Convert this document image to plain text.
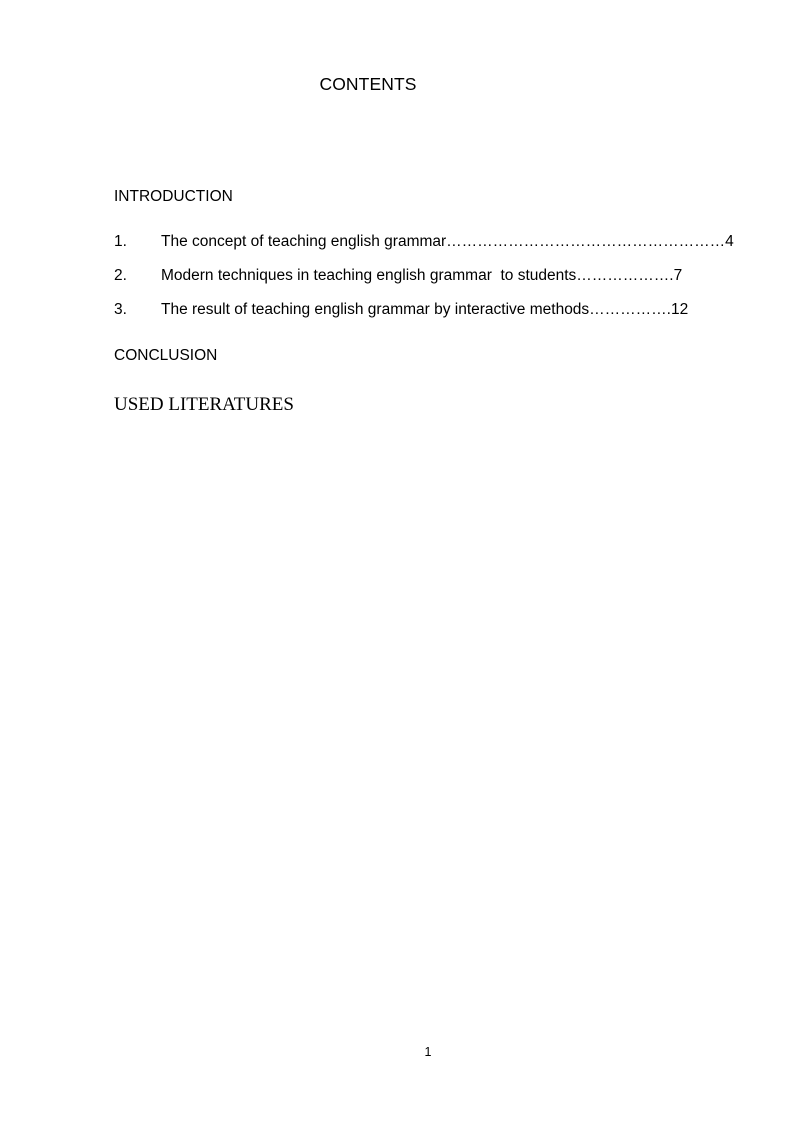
CONTENTS
INTRODUCTION
1. The concept of teaching english grammar………………………………………………4
2. Modern techniques in teaching english grammar  to students……………….7
3. The result of teaching english grammar by interactive methods…………….12
CONCLUSION
USED LITERATURES
1
